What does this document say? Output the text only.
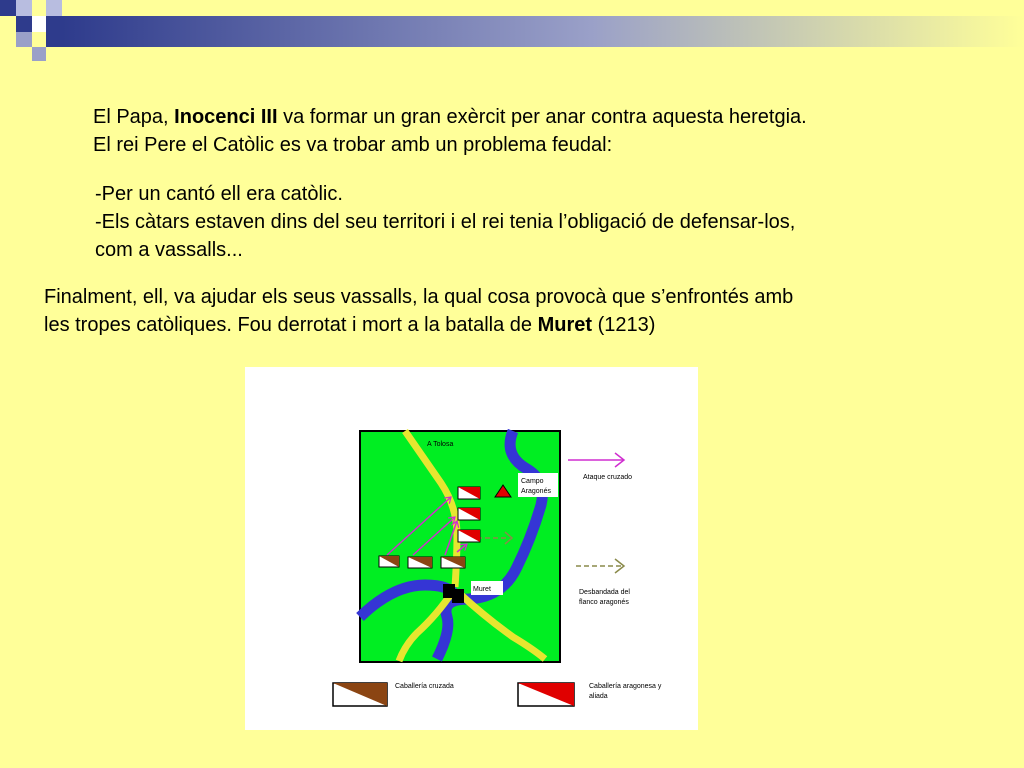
El Papa, Inocenci III va formar un gran exèrcit per anar contra aquesta heretgia.
El rei Pere el Catòlic es va trobar amb un problema feudal:
-Per un cantó ell era catòlic.
-Els càtars estaven dins del seu territori i el rei tenia l’obligació de defensar-los,
com a vassalls...
Finalment, ell, va ajudar els seus vassalls, la qual cosa provocà que s’enfrontés amb
les tropes catòliques. Fou derrotat i mort a la batalla de Muret (1213)
Campo
Aragonés
A Tolosa
Muret
Ataque cruzado
Desbandada del
flanco aragonés
Caballería cruzada	Caballería aragonesa y
aliada
